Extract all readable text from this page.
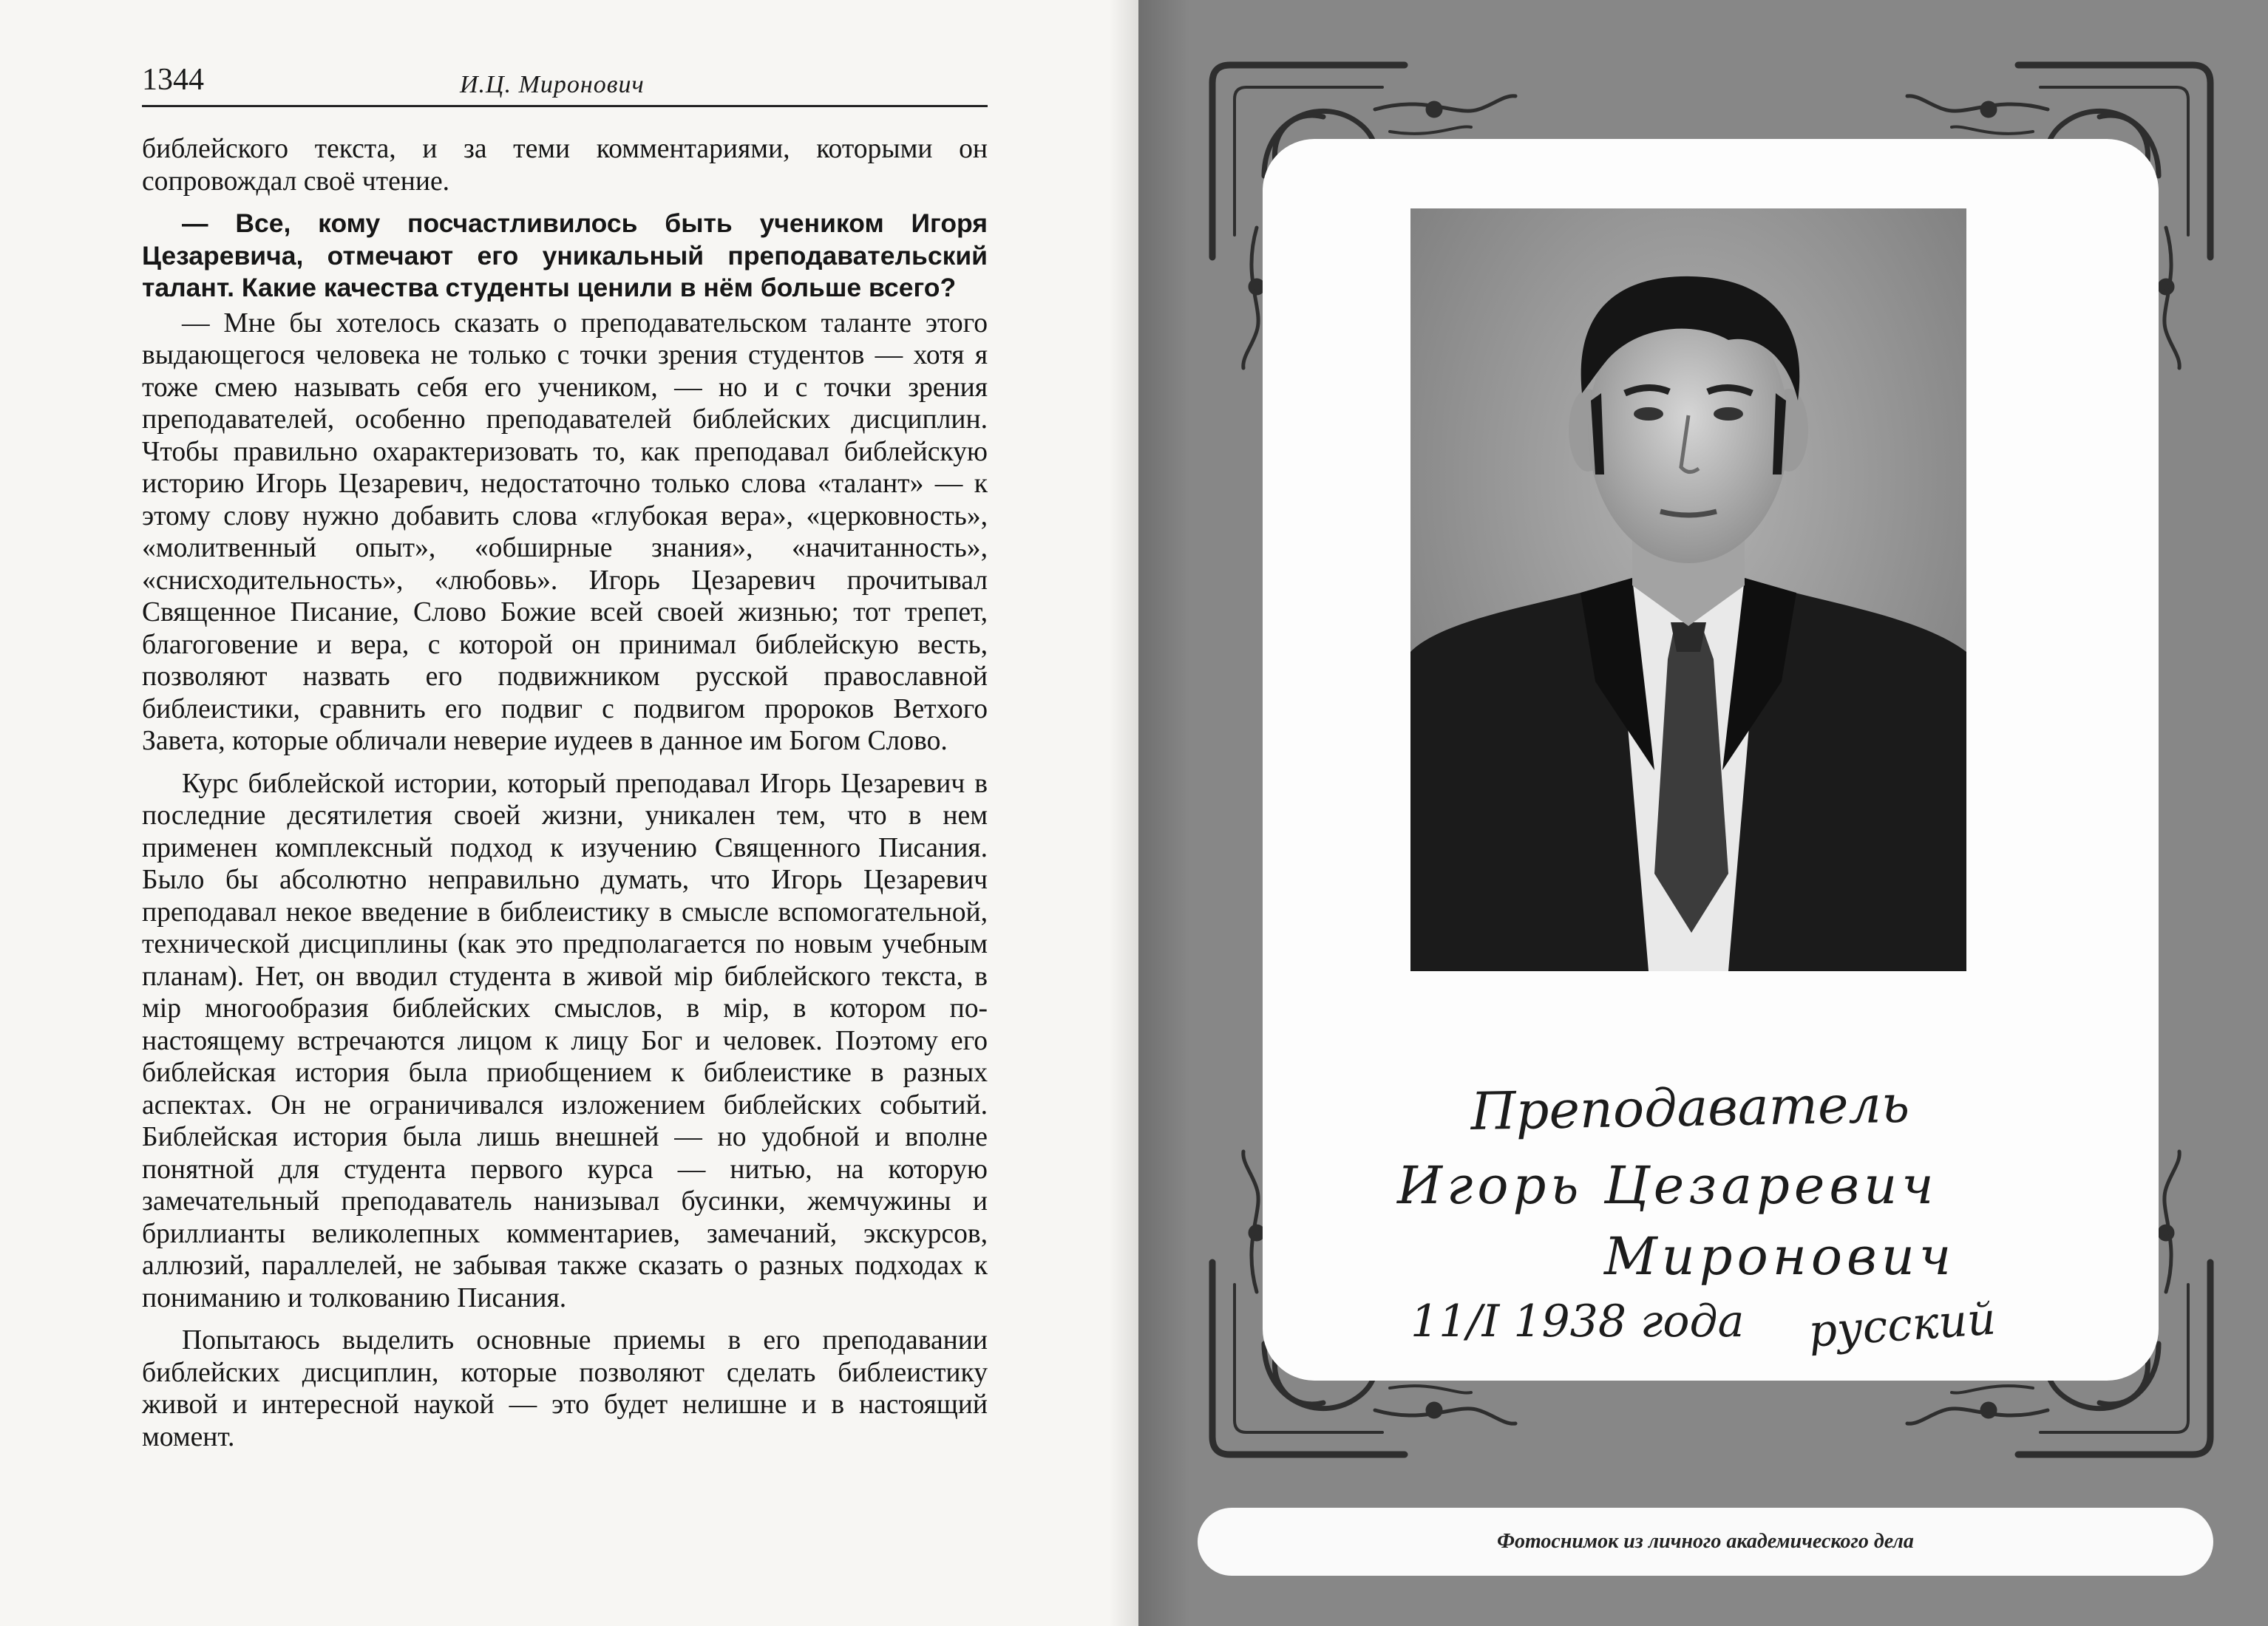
1344	И.Ц. Миронович

библейского текста, и за теми комментариями, которыми он сопровождал своё чтение.

— Все, кому посчастливилось быть учеником Игоря Цезаревича, отмечают его уникальный преподавательский талант. Какие качества студенты ценили в нём больше всего?

— Мне бы хотелось сказать о преподавательском таланте этого выдающегося человека не только с точки зрения студентов — хотя я тоже смею называть себя его учеником, — но и с точки зрения преподавателей, особенно преподавателей библейских дисциплин. Чтобы правильно охарактеризовать то, как преподавал библейскую историю Игорь Цезаревич, недостаточно только слова «талант» — к этому слову нужно добавить слова «глубокая вера», «церковность», «молитвенный опыт», «обширные знания», «начитанность», «снисходительность», «любовь». Игорь Цезаревич прочитывал Священное Писание, Слово Божие всей своей жизнью; тот трепет, благоговение и вера, с которой он принимал библейскую весть, позволяют назвать его подвижником русской православной библеистики, сравнить его подвиг с подвигом пророков Ветхого Завета, которые обличали неверие иудеев в данное им Богом Слово.

Курс библейской истории, который преподавал Игорь Цезаревич в последние десятилетия своей жизни, уникален тем, что в нем применен комплексный подход к изучению Священного Писания. Было бы абсолютно неправильно думать, что Игорь Цезаревич преподавал некое введение в библеистику в смысле вспомогательной, технической дисциплины (как это предполагается по новым учебным планам). Нет, он вводил студента в живой мiр библейского текста, в мiр многообразия библейских смыслов, в мiр, в котором по-настоящему встречаются лицом к лицу Бог и человек. Поэтому его библейская история была приобщением к библеистике в разных аспектах. Он не ограничивался изложением библейских событий. Библейская история была лишь внешней — но удобной и вполне понятной для студента первого курса — нитью, на которую замечательный преподаватель нанизывал бусинки, жемчужины и бриллианты великолепных комментариев, замечаний, экскурсов, аллюзий, параллелей, не забывая также сказать о разных подходах к пониманию и толкованию Писания.

Попытаюсь выделить основные приемы в его преподавании библейских дисциплин, которые позволяют сделать библеистику живой и интересной наукой — это будет нелишне и в настоящий момент.

Преподаватель
Игорь Цезаревич
Миронович
11/I 1938 года русский
Фотоснимок из личного академического дела
